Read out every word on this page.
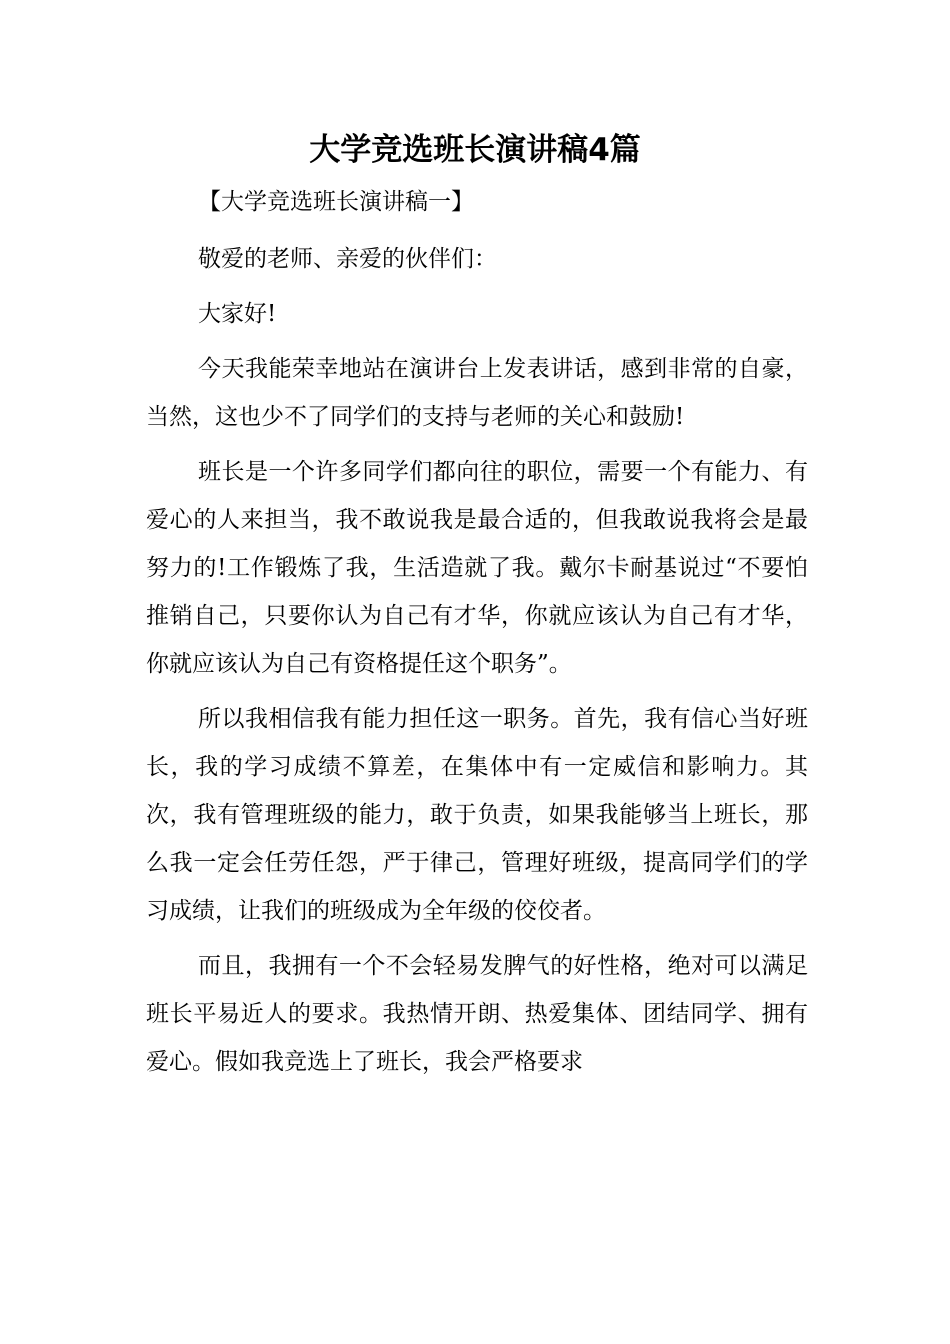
大学竞选班长演讲稿4篇

【大学竞选班长演讲稿一】

敬爱的老师、亲爱的伙伴们：

大家好!

今天我能荣幸地站在演讲台上发表讲话，感到非常的自豪，当然，这也少不了同学们的支持与老师的关心和鼓励!

班长是一个许多同学们都向往的职位，需要一个有能力、有爱心的人来担当，我不敢说我是最合适的，但我敢说我将会是最努力的!工作锻炼了我，生活造就了我。戴尔卡耐基说过“不要怕推销自己，只要你认为自己有才华，你就应该认为自己有才华，你就应该认为自己有资格提任这个职务”。

所以我相信我有能力担任这一职务。首先，我有信心当好班长，我的学习成绩不算差，在集体中有一定威信和影响力。其次，我有管理班级的能力，敢于负责，如果我能够当上班长，那么我一定会任劳任怨，严于律己，管理好班级，提高同学们的学习成绩，让我们的班级成为全年级的佼佼者。

而且，我拥有一个不会轻易发脾气的好性格，绝对可以满足班长平易近人的要求。我热情开朗、热爱集体、团结同学、拥有爱心。假如我竞选上了班长，我会严格要求
